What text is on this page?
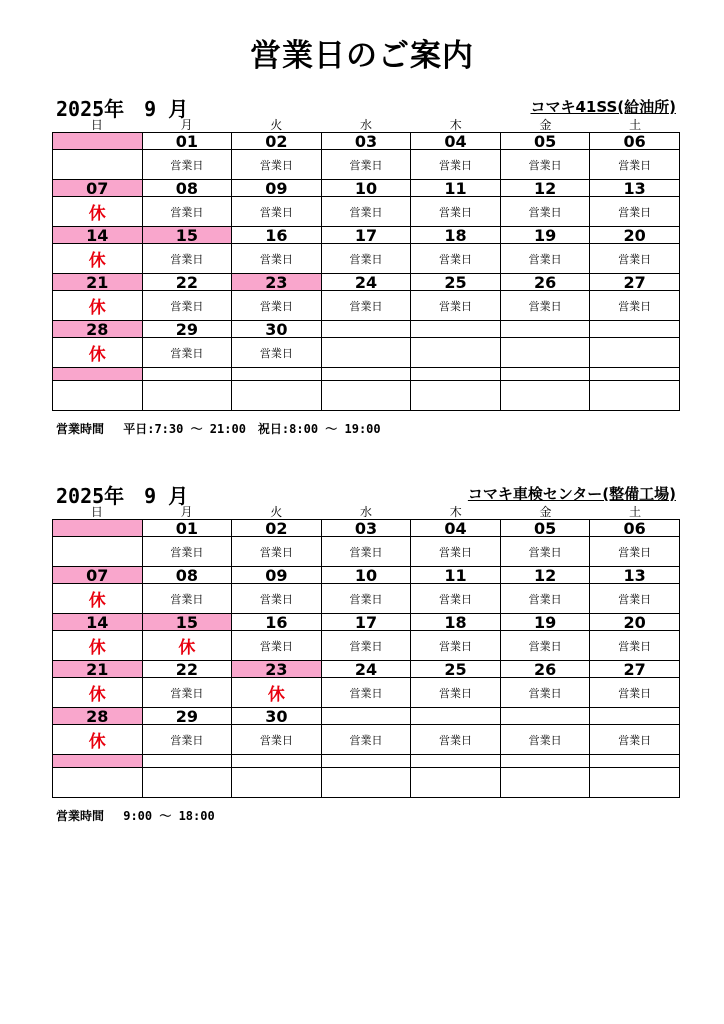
営業日のご案内
2025年　9 月	コマキ41SS(給油所)
日	月	火	水	木	金	土
	01	02	03	04	05	06
	営業日	営業日	営業日	営業日	営業日	営業日
07	08	09	10	11	12	13
休	営業日	営業日	営業日	営業日	営業日	営業日
14	15	16	17	18	19	20
休	営業日	営業日	営業日	営業日	営業日	営業日
21	22	23	24	25	26	27
休	営業日	営業日	営業日	営業日	営業日	営業日
28	29	30				
休	営業日	営業日				

営業時間　 平日:7:30 ～ 21:00　祝日:8:00 ～ 19:00
2025年　9 月	コマキ車検センター(整備工場)
日	月	火	水	木	金	土
	01	02	03	04	05	06
	営業日	営業日	営業日	営業日	営業日	営業日
07	08	09	10	11	12	13
休	営業日	営業日	営業日	営業日	営業日	営業日
14	15	16	17	18	19	20
休	休	営業日	営業日	営業日	営業日	営業日
21	22	23	24	25	26	27
休	営業日	休	営業日	営業日	営業日	営業日
28	29	30				
休	営業日	営業日	営業日	営業日	営業日	営業日

営業時間　 9:00 ～ 18:00
